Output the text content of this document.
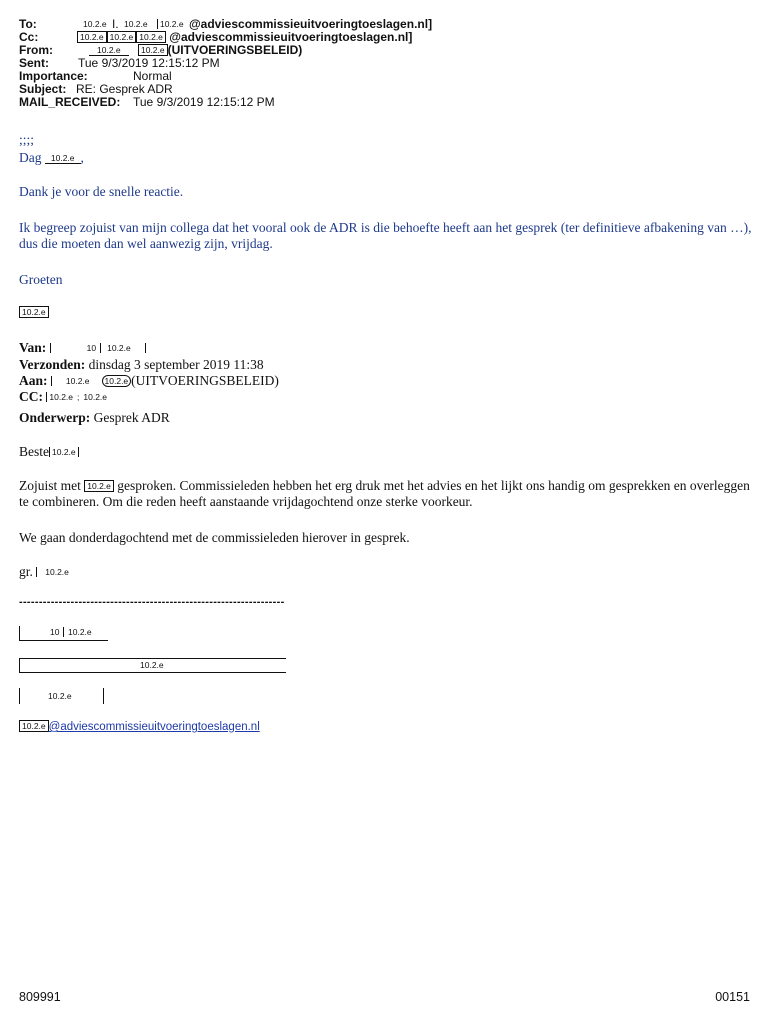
To:	10.2.e I. 10.2.e 10.2.e @adviescommissieuitvoeringtoeslagen.nl]
Cc:	10.2.e 10.2.e 10.2.e @adviescommissieuitvoeringtoeslagen.nl]
From:	10.2.e 10.2.e (UITVOERINGSBELEID)
Sent: Tue 9/3/2019 12:15:12 PM
Importance:	Normal
Subject: RE: Gesprek ADR
MAIL_RECEIVED: Tue 9/3/2019 12:15:12 PM
;;;;
Dag 10.2.e ,
Dank je voor de snelle reactie.
Ik begreep zojuist van mijn collega dat het vooral ook de ADR is die behoefte heeft aan het gesprek (ter definitieve afbakening van …), dus die moeten dan wel aanwezig zijn, vrijdag.
Groeten
10.2.e
Van:	10 10.2.e
Verzonden: dinsdag 3 september 2019 11:38
Aan: 10.2.e 10.2.e (UITVOERINGSBELEID)
CC: 10.2.e ; 10.2.e
Onderwerp: Gesprek ADR
Beste 10.2.e
Zojuist met 10.2.e gesproken. Commissieleden hebben het erg druk met het advies en het lijkt ons handig om gesprekken en overleggen te combineren. Om die reden heeft aanstaande vrijdagochtend onze sterke voorkeur.
We gaan donderdagochtend met de commissieleden hierover in gesprek.
gr. 10.2.e
-------------------------------------------------------------------
10	10.2.e
10.2.e
10.2.e
10.2.e @adviescommissieuitvoeringtoeslagen.nl
809991	00151
